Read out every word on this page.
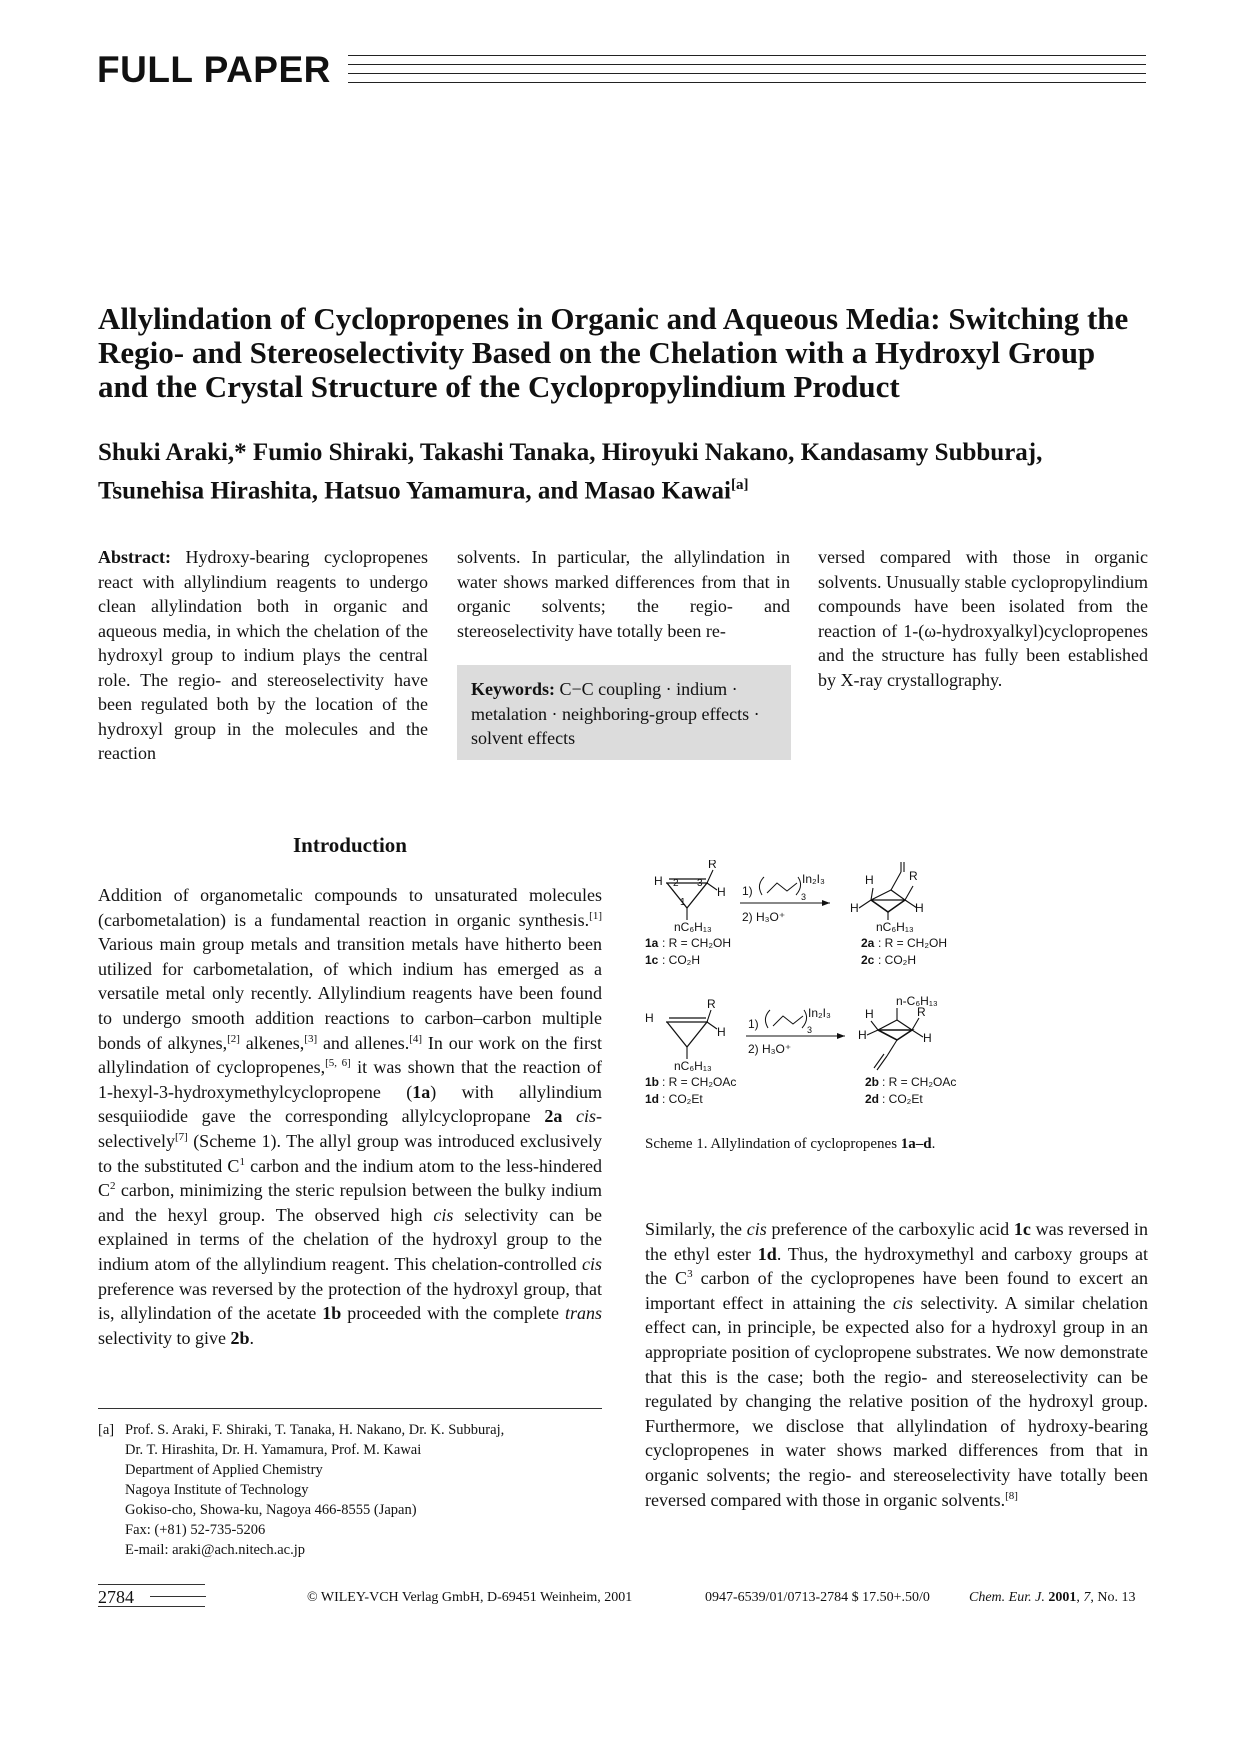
FULL PAPER
Allylindation of Cyclopropenes in Organic and Aqueous Media: Switching the Regio- and Stereoselectivity Based on the Chelation with a Hydroxyl Group and the Crystal Structure of the Cyclopropylindium Product
Shuki Araki,* Fumio Shiraki, Takashi Tanaka, Hiroyuki Nakano, Kandasamy Subburaj, Tsunehisa Hirashita, Hatsuo Yamamura, and Masao Kawai[a]
Abstract: Hydroxy-bearing cyclopropenes react with allylindium reagents to undergo clean allylindation both in organic and aqueous media, in which the chelation of the hydroxyl group to indium plays the central role. The regio- and stereoselectivity have been regulated both by the location of the hydroxyl group in the molecules and the reaction
solvents. In particular, the allylindation in water shows marked differences from that in organic solvents; the regio- and stereoselectivity have totally been re-
Keywords: C−C coupling · indium · metalation · neighboring-group effects · solvent effects
versed compared with those in organic solvents. Unusually stable cyclopropylindium compounds have been isolated from the reaction of 1-(ω-hydroxyalkyl)cyclopropenes and the structure has fully been established by X-ray crystallography.
Introduction
Addition of organometalic compounds to unsaturated molecules (carbometalation) is a fundamental reaction in organic synthesis.[1] Various main group metals and transition metals have hitherto been utilized for carbometalation, of which indium has emerged as a versatile metal only recently. Allylindium reagents have been found to undergo smooth addition reactions to carbon–carbon multiple bonds of alkynes,[2] alkenes,[3] and allenes.[4] In our work on the first allylindation of cyclopropenes,[5, 6] it was shown that the reaction of 1-hexyl-3-hydroxymethylcyclopropene (1a) with allylindium sesquiiodide gave the corresponding allylcyclopropane 2a cis-selectively[7] (Scheme 1). The allyl group was introduced exclusively to the substituted C$^1$ carbon and the indium atom to the less-hindered C$^2$ carbon, minimizing the steric repulsion between the bulky indium and the hexyl group. The observed high cis selectivity can be explained in terms of the chelation of the hydroxyl group to the indium atom of the allylindium reagent. This chelation-controlled cis preference was reversed by the protection of the hydroxyl group, that is, allylindation of the acetate 1b proceeded with the complete trans selectivity to give 2b.
[a] Prof. S. Araki, F. Shiraki, T. Tanaka, H. Nakano, Dr. K. Subburaj,
Dr. T. Hirashita, Dr. H. Yamamura, Prof. M. Kawai
Department of Applied Chemistry
Nagoya Institute of Technology
Gokiso-cho, Showa-ku, Nagoya 466-8555 (Japan)
Fax: (+81) 52-735-5206
E-mail: araki@ach.nitech.ac.jp
H 2 3
1
R
H
nC₆H₁₃
1a : R = CH₂OH
1c : CO₂H
1)	3
In₂I₃
2) H₃O⁺
H	R
H	H
nC₆H₁₃
2a : R = CH₂OH
2c : CO₂H
H
R
H
nC₆H₁₃
1b : R = CH₂OAc
1d : CO₂Et
1)	3
In₂I₃
2) H₃O⁺
n-C₆H₁₃
H	R
H	H
2b : R = CH₂OAc
2d : CO₂Et
Scheme 1. Allylindation of cyclopropenes 1a–d.
Similarly, the cis preference of the carboxylic acid 1c was reversed in the ethyl ester 1d. Thus, the hydroxymethyl and carboxy groups at the C$^3$ carbon of the cyclopropenes have been found to excert an important effect in attaining the cis selectivity. A similar chelation effect can, in principle, be expected also for a hydroxyl group in an appropriate position of cyclopropene substrates. We now demonstrate that this is the case; both the regio- and stereoselectivity can be regulated by changing the relative position of the hydroxyl group. Furthermore, we disclose that allylindation of hydroxy-bearing cyclopropenes in water shows marked differences from that in organic solvents; the regio- and stereoselectivity have totally been reversed compared with those in organic solvents.[8]
2784	© WILEY-VCH Verlag GmbH, D-69451 Weinheim, 2001	0947-6539/01/0713-2784 $ 17.50+.50/0	Chem. Eur. J. 2001, 7, No. 13
